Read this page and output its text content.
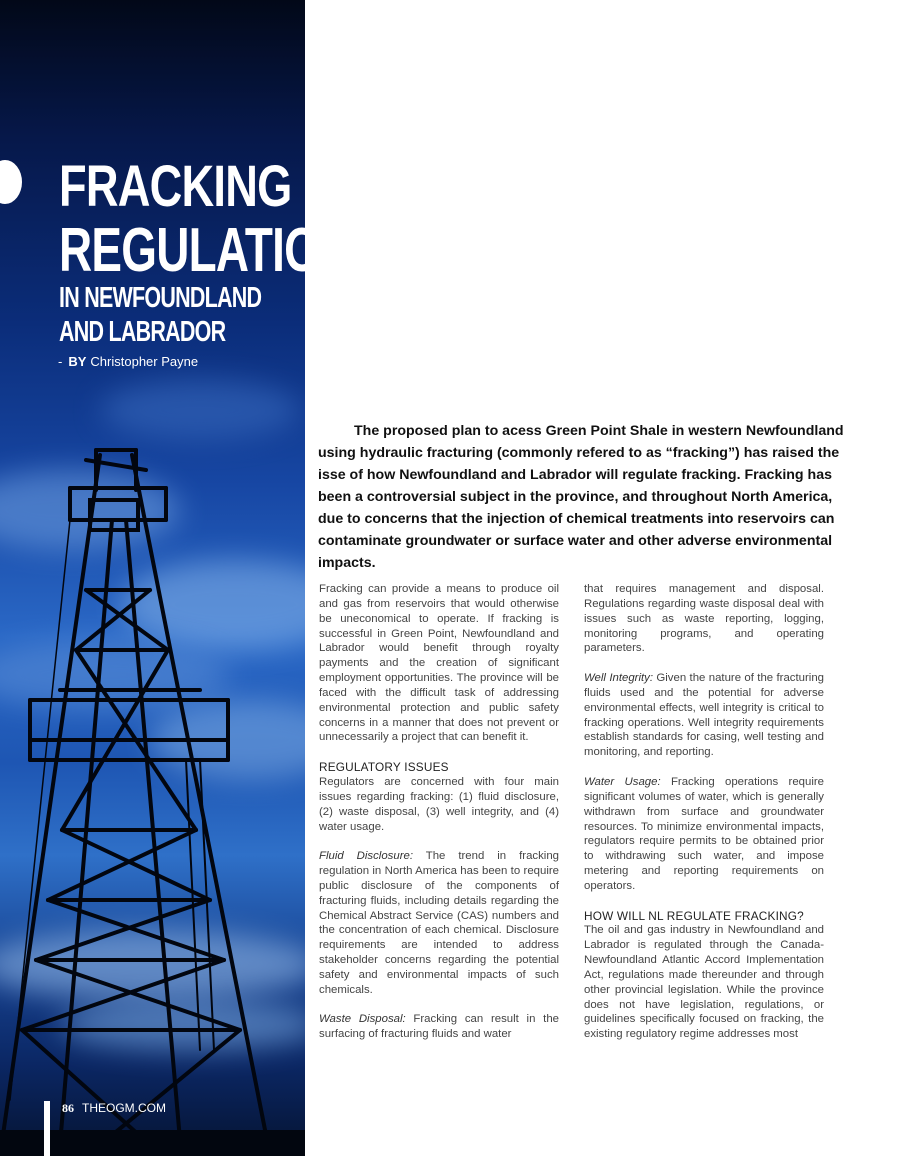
FRACKING
REGULATION
IN NEWFOUNDLAND
AND LABRADOR
- BY Christopher Payne
86 THEOGM.COM

The proposed plan to acess Green Point Shale in western Newfoundland using hydraulic fracturing (commonly refered to as “fracking”) has raised the isse of how Newfoundland and Labrador will regulate fracking. Fracking has been a controversial subject in the province, and throughout North America, due to concerns that the injection of chemical treatments into reservoirs can contaminate groundwater or surface water and other adverse environmental impacts.

Fracking can provide a means to produce oil and gas from reservoirs that would otherwise be uneconomical to operate. If fracking is successful in Green Point, Newfoundland and Labrador would benefit through royalty payments and the creation of significant employment opportunities. The province will be faced with the difficult task of addressing environmental protection and public safety concerns in a manner that does not prevent or unnecessarily a project that can benefit it.

REGULATORY ISSUES

Regulators are concerned with four main issues regarding fracking: (1) fluid disclosure, (2) waste disposal, (3) well integrity, and (4) water usage.

Fluid Disclosure: The trend in fracking regulation in North America has been to require public disclosure of the components of fracturing fluids, including details regarding the Chemical Abstract Service (CAS) numbers and the concentration of each chemical. Disclosure requirements are intended to address stakeholder concerns regarding the potential safety and environmental impacts of such chemicals.

Waste Disposal: Fracking can result in the surfacing of fracturing fluids and water

that requires management and disposal. Regulations regarding waste disposal deal with issues such as waste reporting, logging, monitoring programs, and operating parameters.

Well Integrity: Given the nature of the fracturing fluids used and the potential for adverse environmental effects, well integrity is critical to fracking operations. Well integrity requirements establish standards for casing, well testing and monitoring, and reporting.

Water Usage: Fracking operations require significant volumes of water, which is generally withdrawn from surface and groundwater resources. To minimize environmental impacts, regulators require permits to be obtained prior to withdrawing such water, and impose metering and reporting requirements on operators.

HOW WILL NL REGULATE FRACKING?

The oil and gas industry in Newfoundland and Labrador is regulated through the Canada-Newfoundland Atlantic Accord Implementation Act, regulations made thereunder and through other provincial legislation. While the province does not have legislation, regulations, or guidelines specifically focused on fracking, the existing regulatory regime addresses most
